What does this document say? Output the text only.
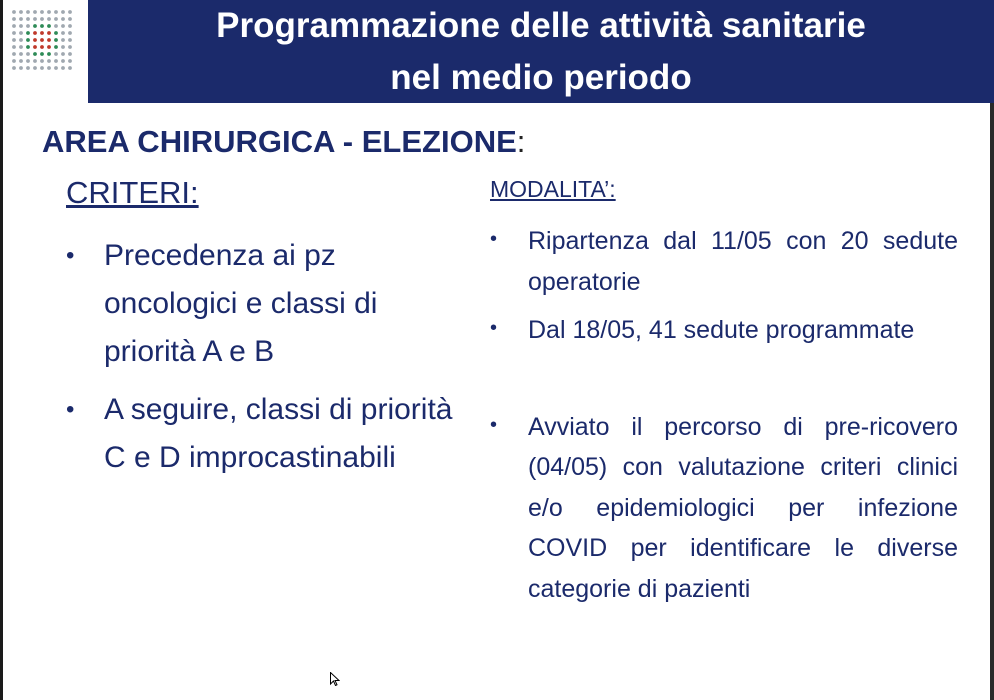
Programmazione delle attività sanitarie
nel medio periodo
AREA CHIRURGICA - ELEZIONE:
CRITERI:
• Precedenza ai pz oncologici e classi di priorità A e B
• A seguire, classi di priorità C e D improcastinabili
MODALITA’:
• Ripartenza dal 11/05 con 20 sedute operatorie
• Dal 18/05, 41 sedute programmate
• Avviato il percorso di pre-ricovero (04/05) con valutazione criteri clinici e/o epidemiologici per infezione COVID per identificare le diverse categorie di pazienti
